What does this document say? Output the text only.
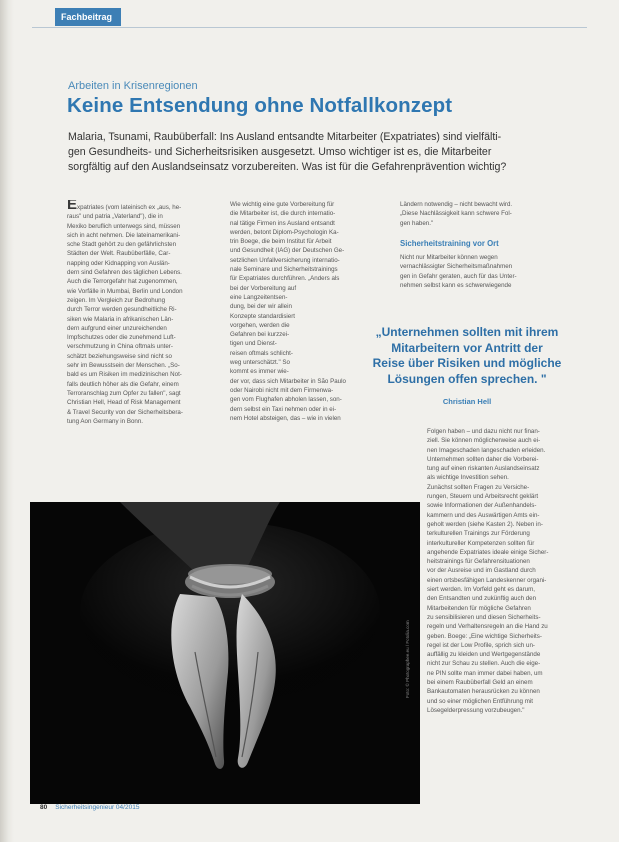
Fachbeitrag
Arbeiten in Krisenregionen
Keine Entsendung ohne Notfallkonzept

Malaria, Tsunami, Raubüberfall: Ins Ausland entsandte Mitarbeiter (Expatriates) sind vielfälti-

gen Gesundheits- und Sicherheitsrisiken ausgesetzt. Umso wichtiger ist es, die Mitarbeiter

sorgfältig auf den Auslandseinsatz vorzubereiten. Was ist für die Gefahrenprävention wichtig?

Expatriates (vom lateinisch ex „aus, he-

raus" und patria „Vaterland"), die in

Mexiko beruflich unterwegs sind, müssen

sich in acht nehmen. Die lateinamerikani-

sche Stadt gehört zu den gefährlichsten

Städten der Welt. Raubüberfälle, Car-

napping oder Kidnapping von Auslän-

dern sind Gefahren des täglichen Lebens.

Auch die Terrorgefahr hat zugenommen,

wie Vorfälle in Mumbai, Berlin und London

zeigen. Im Vergleich zur Bedrohung

durch Terror werden gesundheitliche Ri-

siken wie Malaria in afrikanischen Län-

dern aufgrund einer unzureichenden

Impfschutzes oder die zunehmend Luft-

verschmutzung in China oftmals unter-

schätzt beziehungsweise sind nicht so

sehr im Bewusstsein der Menschen. „So-

bald es um Risiken im medizinischen Not-

falls deutlich höher als die Gefahr, einem

Terroranschlag zum Opfer zu fallen", sagt

Christian Hell, Head of Risk Management

& Travel Security von der Sicherheitsbera-

tung Aon Germany in Bonn.

Wie wichtig eine gute Vorbereitung für

die Mitarbeiter ist, die durch internatio-

nal tätige Firmen ins Ausland entsandt

werden, betont Diplom-Psychologin Ka-

trin Boege, die beim Institut für Arbeit

und Gesundheit (IAG) der Deutschen Ge-

setzlichen Unfallversicherung internatio-

nale Seminare und Sicherheitstrainings

für Expatriates durchführen. „Anders als

bei der Vorbereitung auf

eine Langzeitentsen-

dung, bei der wir allein

Konzepte standardisiert

vorgehen, werden die

Gefahren bei kurzzei-

tigen und Dienst-

reisen oftmals schlicht-

weg unterschätzt." So

kommt es immer wie-

der vor, dass sich Mitarbeiter in São Paulo

oder Nairobi nicht mit dem Firmenwa-

gen vom Flughafen abholen lassen, son-

dern selbst ein Taxi nehmen oder in ei-

nem Hotel absteigen, das – wie in vielen

Ländern notwendig – nicht bewacht wird.

„Diese Nachlässigkeit kann schwere Fol-

gen haben."

Sicherheitstraining vor Ort

Nicht nur Mitarbeiter können wegen

vernachlässigter Sicherheitsmaßnahmen

gen in Gefahr geraten, auch für das Unter-

nehmen selbst kann es schwerwiegende

„Unternehmen sollten mit ihrem

Mitarbeitern vor Antritt der

Reise über Risiken und mögliche

Lösungen offen sprechen. "

Christian Hell

Folgen haben – und dazu nicht nur finan-

ziell. Sie können möglicherweise auch ei-

nen Imageschaden langeschaden erleiden.

Unternehmen sollten daher die Vorberei-

tung auf einen riskanten Auslandseinsatz

als wichtige Investition sehen.

Zunächst sollten Fragen zu Versiche-

rungen, Steuern und Arbeitsrecht geklärt

sowie Informationen der Außenhandels-

kammern und des Auswärtigen Amts ein-

geholt werden (siehe Kasten 2). Neben in-

terkulturellen Trainings zur Förderung

interkultureller Kompetenzen sollten für

angehende Expatriates ideale einige Sicher-

heitstrainings für Gefahrensituationen

vor der Ausreise und im Gastland durch

einen ortsbesfähigen Landeskenner organi-

siert werden. Im Vorfeld geht es darum,

den Entsandten und zukünftig auch den

Mitarbeitenden für mögliche Gefahren

zu sensibilisieren und diesen Sicherheits-

regeln und Verhaltensregeln an die Hand zu

geben. Boege: „Eine wichtige Sicherheits-

regel ist der Low Profile, sprich sich un-

auffällig zu kleiden und Wertgegenstände

nicht zur Schau zu stellen. Auch die eige-

ne PIN sollte man immer dabei haben, um

bei einem Raubüberfall Geld an einem

Bankautomaten herausrücken zu können

und so einer möglichen Entführung mit

Lösegelderpressung vorzubeugen."

Foto: © Photographee.eu / Fotolia.com
80 Sicherheitsingenieur 04/2015
